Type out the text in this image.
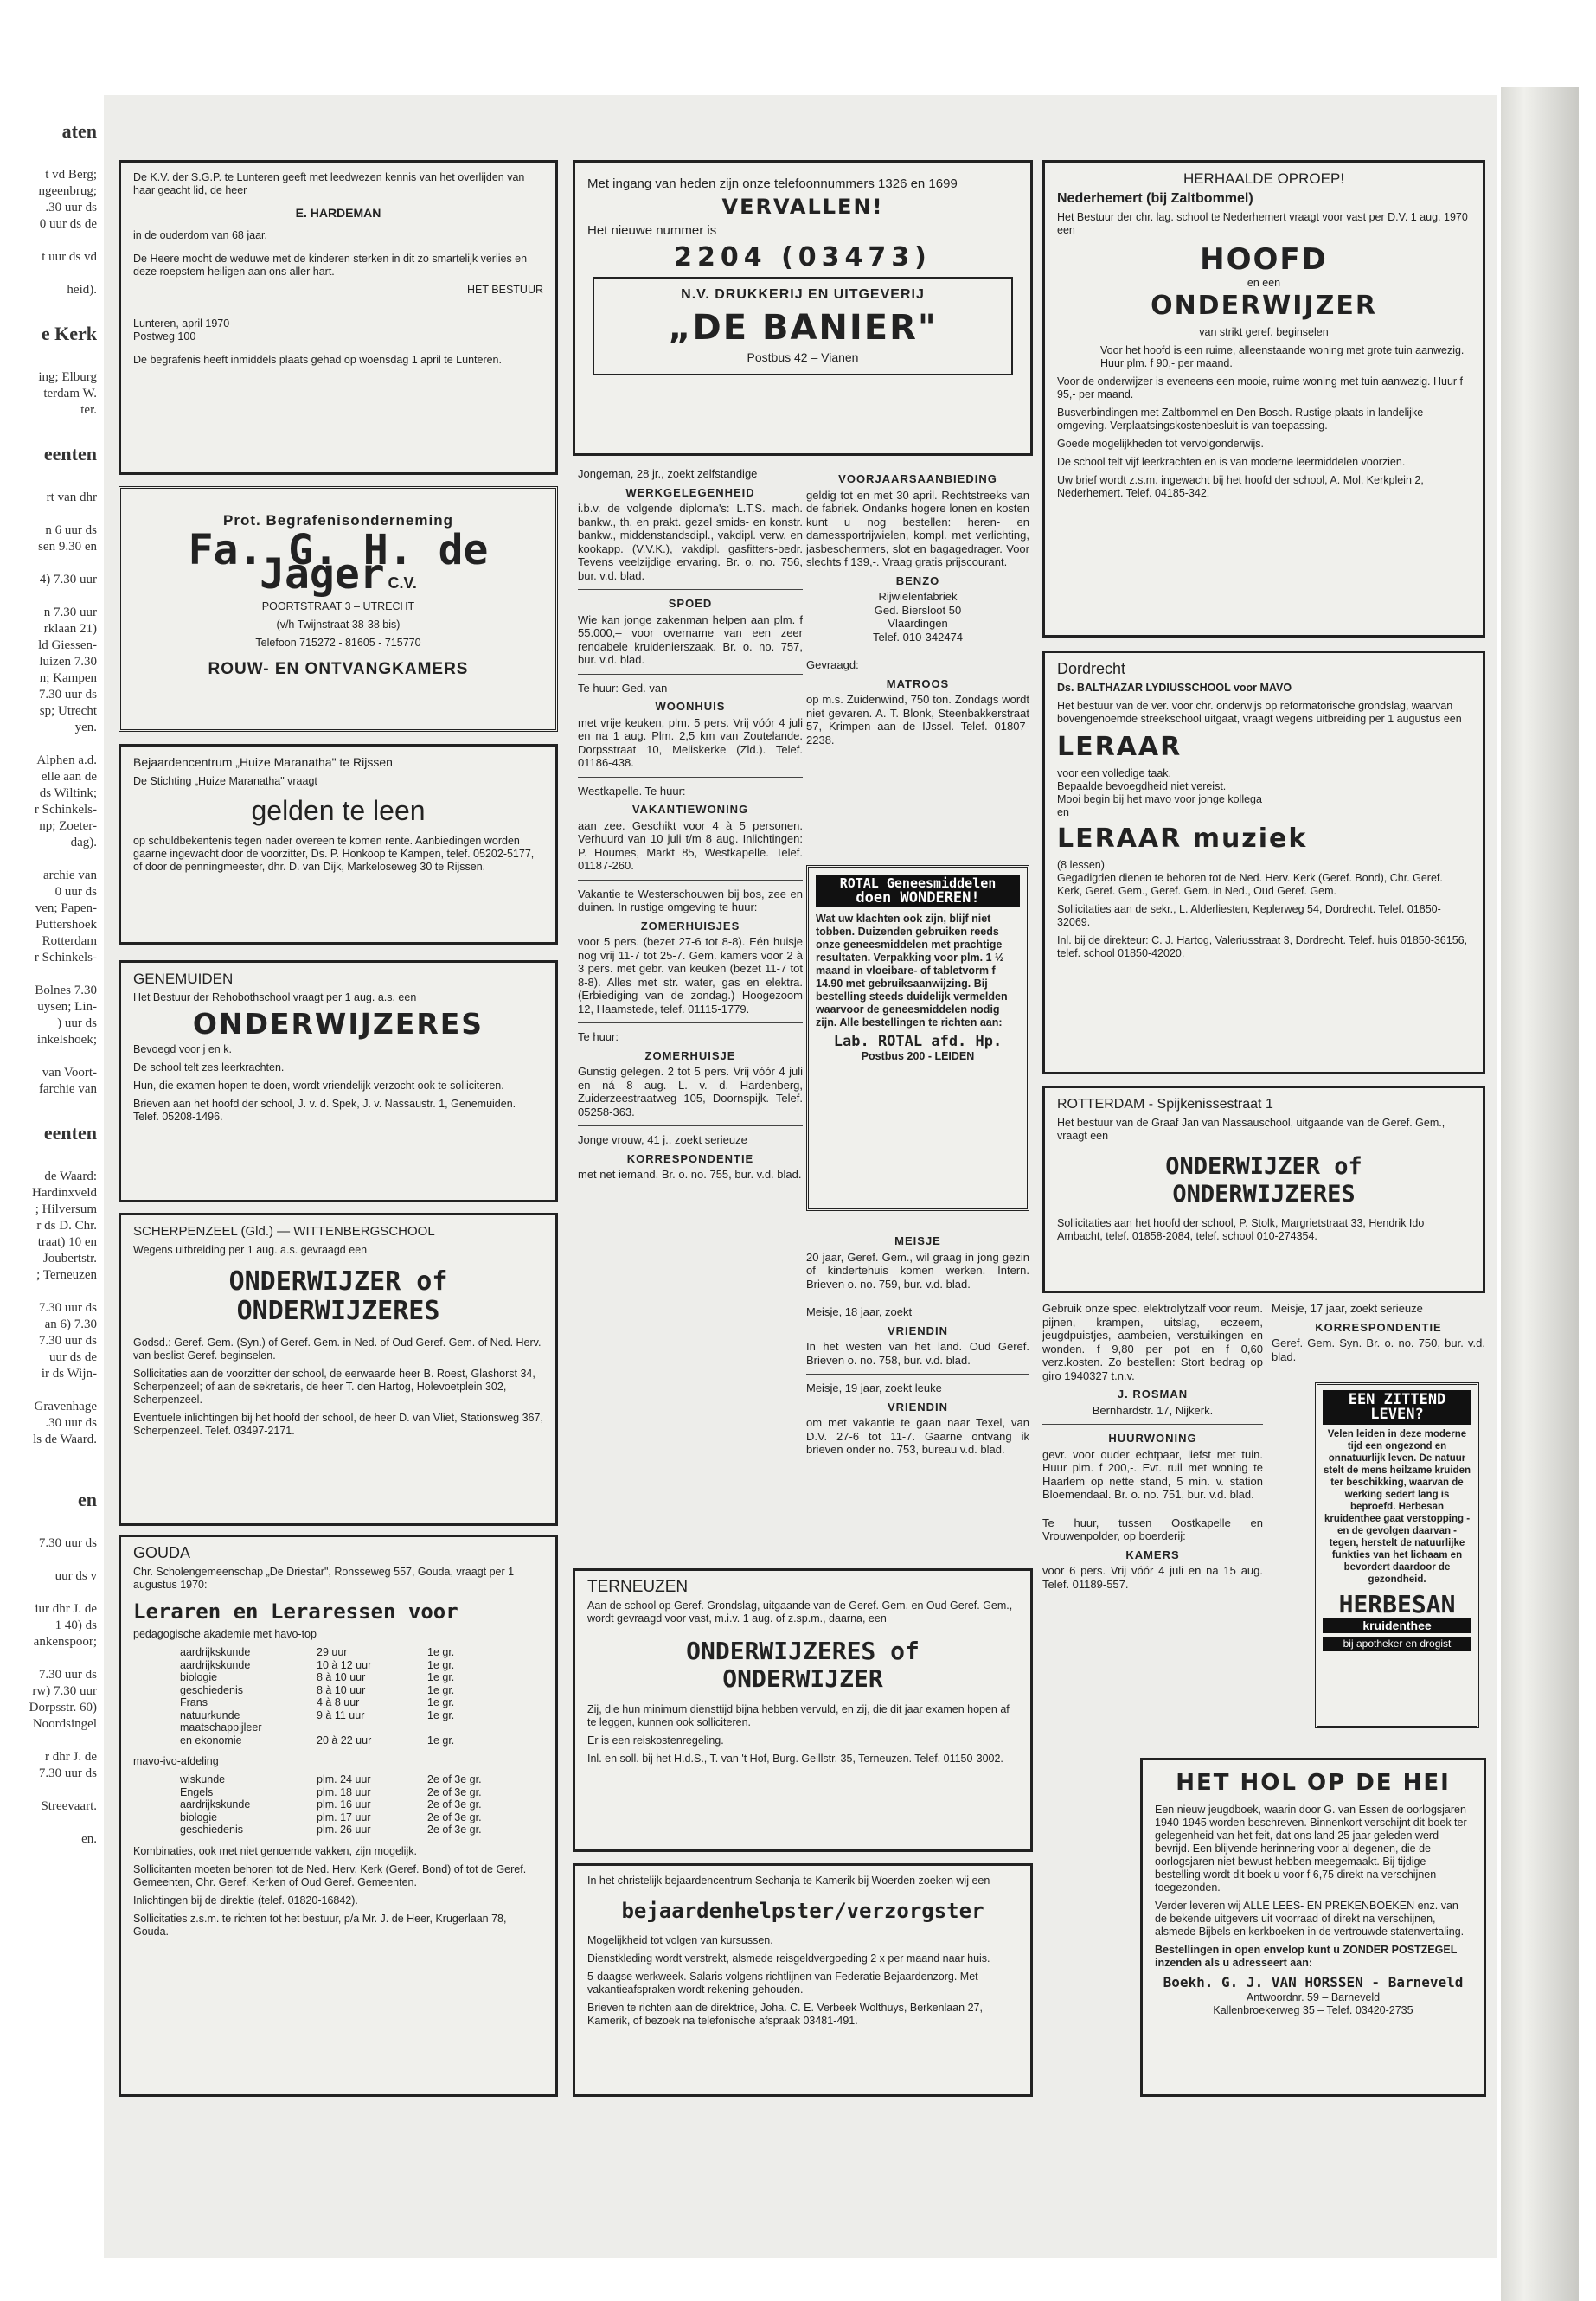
aten

t vd Berg;
ngeenbrug;
.30 uur ds
0 uur ds de

t uur ds vd

heid).

e Kerk

ing; Elburg
terdam W.
ter.

eenten

rt van dhr

n 6 uur ds
sen 9.30 en

4) 7.30 uur

n 7.30 uur
rklaan 21)
ld Giessen-
luizen 7.30
n; Kampen
7.30 uur ds
sp; Utrecht
yen.

Alphen a.d.
elle aan de
ds Wiltink;
r Schinkels-
np; Zoeter-
dag).

archie van
0 uur ds
ven; Papen-
Puttershoek
Rotterdam
r Schinkels-

Bolnes 7.30
uysen; Lin-
) uur ds
inkelshoek;

van Voort-
farchie van

eenten

de Waard:
Hardinxveld
; Hilversum
r ds D. Chr.
traat) 10 en
Joubertstr.
; Terneuzen

7.30 uur ds
an 6) 7.30
7.30 uur ds
uur ds de
ir ds Wijn-

Gravenhage
.30 uur ds
ls de Waard.

en

7.30 uur ds

uur ds v

iur dhr J. de
1 40) ds
ankenspoor;

7.30 uur ds
rw) 7.30 uur
Dorpsstr. 60)
Noordsingel

r dhr J. de
7.30 uur ds

Streevaart.

en.

De K.V. der S.G.P. te Lunteren geeft met leedwezen kennis van het overlijden van haar geacht lid, de heer

E. HARDEMAN

in de ouderdom van 68 jaar.

De Heere mocht de weduwe met de kinderen sterken in dit zo smartelijk verlies en deze roepstem heiligen aan ons aller hart.

HET BESTUUR

Lunteren, april 1970

Postweg 100

De begrafenis heeft inmiddels plaats gehad op woensdag 1 april te Lunteren.

Prot. Begrafenisonderneming

Fa. G. H. de Jager C.V.

POORTSTRAAT 3 – UTRECHT

(v/h Twijnstraat 38-38 bis)

Telefoon 715272 - 81605 - 715770

ROUW- EN ONTVANGKAMERS

Bejaardencentrum „Huize Maranatha" te Rijssen

De Stichting „Huize Maranatha" vraagt

gelden te leen

op schuldbekentenis tegen nader overeen te komen rente. Aanbiedingen worden gaarne ingewacht door de voorzitter, Ds. P. Honkoop te Kampen, telef. 05202-5177, of door de penningmeester, dhr. D. van Dijk, Markeloseweg 30 te Rijssen.

GENEMUIDEN

Het Bestuur der Rehobothschool vraagt per 1 aug. a.s. een

ONDERWIJZERES

Bevoegd voor j en k.

De school telt zes leerkrachten.

Hun, die examen hopen te doen, wordt vriendelijk verzocht ook te solliciteren.

Brieven aan het hoofd der school, J. v. d. Spek, J. v. Nassaustr. 1, Genemuiden. Telef. 05208-1496.

SCHERPENZEEL (Gld.) — WITTENBERGSCHOOL

Wegens uitbreiding per 1 aug. a.s. gevraagd een

ONDERWIJZER of

ONDERWIJZERES

Godsd.: Geref. Gem. (Syn.) of Geref. Gem. in Ned. of Oud Geref. Gem. of Ned. Herv. van beslist Geref. beginselen.

Sollicitaties aan de voorzitter der school, de eerwaarde heer B. Roest, Glashorst 34, Scherpenzeel; of aan de sekretaris, de heer T. den Hartog, Holevoetplein 302, Scherpenzeel.

Eventuele inlichtingen bij het hoofd der school, de heer D. van Vliet, Stationsweg 367, Scherpenzeel. Telef. 03497-2171.

GOUDA

Chr. Scholengemeenschap „De Driestar", Ronsseweg 557, Gouda, vraagt per 1 augustus 1970:

Leraren en Leraressen voor

pedagogische akademie met havo-top

aardrijkskunde	29 uur	1e gr.
aardrijkskunde	10 à 12 uur	1e gr.
biologie	8 à 10 uur	1e gr.
geschiedenis	8 à 10 uur	1e gr.
Frans	4 à 8 uur	1e gr.
natuurkunde	9 à 11 uur	1e gr.
maatschappijleer		
en ekonomie	20 à 22 uur	1e gr.

mavo-ivo-afdeling

wiskunde	plm. 24 uur	2e of 3e gr.
Engels	plm. 18 uur	2e of 3e gr.
aardrijkskunde	plm. 16 uur	2e of 3e gr.
biologie	plm. 17 uur	2e of 3e gr.
geschiedenis	plm. 26 uur	2e of 3e gr.

Kombinaties, ook met niet genoemde vakken, zijn mogelijk.

Sollicitanten moeten behoren tot de Ned. Herv. Kerk (Geref. Bond) of tot de Geref. Gemeenten, Chr. Geref. Kerken of Oud Geref. Gemeenten.

Inlichtingen bij de direktie (telef. 01820-16842).

Sollicitaties z.s.m. te richten tot het bestuur, p/a Mr. J. de Heer, Krugerlaan 78, Gouda.

Met ingang van heden zijn onze telefoonnummers 1326 en 1699

VERVALLEN!

Het nieuwe nummer is

2204 (03473)

N.V. DRUKKERIJ EN UITGEVERIJ

„DE BANIER"

Postbus 42 – Vianen

Jongeman, 28 jr., zoekt zelfstandige

WERKGELEGENHEID

i.b.v. de volgende diploma's: L.T.S. mach. bankw., th. en prakt. gezel smids- en konstr. bankw., middenstandsdipl., vakdipl. verw. en kookapp. (V.V.K.), vakdipl. gasfitters-bedr. Tevens veelzijdige ervaring. Br. o. no. 756, bur. v.d. blad.

SPOED

Wie kan jonge zakenman helpen aan plm. f 55.000,– voor overname van een zeer rendabele kruidenierszaak. Br. o. no. 757, bur. v.d. blad.

Te huur: Ged. van

WOONHUIS

met vrije keuken, plm. 5 pers. Vrij vóór 4 juli en na 1 aug. Plm. 2,5 km van Zoutelande. Dorpsstraat 10, Meliskerke (Zld.). Telef. 01186-438.

Westkapelle. Te huur:

VAKANTIEWONING

aan zee. Geschikt voor 4 à 5 personen. Verhuurd van 10 juli t/m 8 aug. Inlichtingen: P. Houmes, Markt 85, Westkapelle. Telef. 01187-260.

Vakantie te Westerschouwen bij bos, zee en duinen. In rustige omgeving te huur:

ZOMERHUISJES

voor 5 pers. (bezet 27-6 tot 8-8). Eén huisje nog vrij 11-7 tot 25-7. Gem. kamers voor 2 à 3 pers. met gebr. van keuken (bezet 11-7 tot 8-8). Alles met str. water, gas en elektra. (Erbiediging van de zondag.) Hoogezoom 12, Haamstede, telef. 01115-1779.

Te huur:

ZOMERHUISJE

Gunstig gelegen. 2 tot 5 pers. Vrij vóór 4 juli en ná 8 aug. L. v. d. Hardenberg, Zuiderzeestraatweg 105, Doornspijk. Telef. 05258-363.

Jonge vrouw, 41 j., zoekt serieuze

KORRESPONDENTIE

met net iemand. Br. o. no. 755, bur. v.d. blad.

VOORJAARSAANBIEDING

geldig tot en met 30 april. Rechtstreeks van de fabriek. Ondanks hogere lonen en kosten kunt u nog bestellen: heren- en damessportrijwielen, kompl. met verlichting, jasbeschermers, slot en bagagedrager. Voor slechts f 139,-. Vraag gratis prijscourant.

BENZO
Rijwielenfabriek
Ged. Biersloot 50
Vlaardingen
Telef. 010-342474

Gevraagd:

MATROOS

op m.s. Zuidenwind, 750 ton. Zondags wordt niet gevaren. A. T. Blonk, Steenbakkerstraat 57, Krimpen aan de IJssel. Telef. 01807-2238.

ROTAL Geneesmiddelen

doen WONDEREN!

Wat uw klachten ook zijn, blijf niet tobben. Duizenden gebruiken reeds onze geneesmiddelen met prachtige resultaten. Verpakking voor plm. 1 ½ maand in vloeibare- of tabletvorm f 14.90 met gebruiksaanwijzing. Bij bestelling steeds duidelijk vermelden waarvoor de geneesmiddelen nodig zijn. Alle bestellingen te richten aan:

Lab. ROTAL afd. Hp.

Postbus 200 - LEIDEN

MEISJE

20 jaar, Geref. Gem., wil graag in jong gezin of kindertehuis komen werken. Intern. Brieven o. no. 759, bur. v.d. blad.

Meisje, 18 jaar, zoekt

VRIENDIN

In het westen van het land. Oud Geref. Brieven o. no. 758, bur. v.d. blad.

Meisje, 19 jaar, zoekt leuke

VRIENDIN

om met vakantie te gaan naar Texel, van D.V. 27-6 tot 11-7. Gaarne ontvang ik brieven onder no. 753, bureau v.d. blad.

TERNEUZEN

Aan de school op Geref. Grondslag, uitgaande van de Geref. Gem. en Oud Geref. Gem., wordt gevraagd voor vast, m.i.v. 1 aug. of z.sp.m., daarna, een

ONDERWIJZERES of

ONDERWIJZER

Zij, die hun minimum diensttijd bijna hebben vervuld, en zij, die dit jaar examen hopen af te leggen, kunnen ook solliciteren.

Er is een reiskostenregeling.

Inl. en soll. bij het H.d.S., T. van 't Hof, Burg. Geillstr. 35, Terneuzen. Telef. 01150-3002.

In het christelijk bejaardencentrum Sechanja te Kamerik bij Woerden zoeken wij een

bejaardenhelpster/verzorgster

Mogelijkheid tot volgen van kursussen.

Dienstkleding wordt verstrekt, alsmede reisgeldvergoeding 2 x per maand naar huis.

5-daagse werkweek. Salaris volgens richtlijnen van Federatie Bejaardenzorg. Met vakantieafspraken wordt rekening gehouden.

Brieven te richten aan de direktrice, Joha. C. E. Verbeek Wolthuys, Berkenlaan 27, Kamerik, of bezoek na telefonische afspraak 03481-491.

HERHAALDE OPROEP!

Nederhemert (bij Zaltbommel)

Het Bestuur der chr. lag. school te Nederhemert vraagt voor vast per D.V. 1 aug. 1970 een

HOOFD

en een

ONDERWIJZER

van strikt geref. beginselen

Voor het hoofd is een ruime, alleenstaande woning met grote tuin aanwezig. Huur plm. f 90,- per maand.

Voor de onderwijzer is eveneens een mooie, ruime woning met tuin aanwezig. Huur f 95,- per maand.

Busverbindingen met Zaltbommel en Den Bosch. Rustige plaats in landelijke omgeving. Verplaatsingskostenbesluit is van toepassing.

Goede mogelijkheden tot vervolgonderwijs.

De school telt vijf leerkrachten en is van moderne leermiddelen voorzien.

Uw brief wordt z.s.m. ingewacht bij het hoofd der school, A. Mol, Kerkplein 2, Nederhemert. Telef. 04185-342.

Dordrecht

Ds. BALTHAZAR LYDIUSSCHOOL voor MAVO

Het bestuur van de ver. voor chr. onderwijs op reformatorische grondslag, waarvan bovengenoemde streekschool uitgaat, vraagt wegens uitbreiding per 1 augustus een

LERAAR

voor een volledige taak.

Bepaalde bevoegdheid niet vereist.

Mooi begin bij het mavo voor jonge kollega

en

LERAAR muziek

(8 lessen)

Gegadigden dienen te behoren tot de Ned. Herv. Kerk (Geref. Bond), Chr. Geref. Kerk, Geref. Gem., Geref. Gem. in Ned., Oud Geref. Gem.

Sollicitaties aan de sekr., L. Alderliesten, Keplerweg 54, Dordrecht. Telef. 01850-32069.

Inl. bij de direkteur: C. J. Hartog, Valeriusstraat 3, Dordrecht. Telef. huis 01850-36156, telef. school 01850-42020.

ROTTERDAM - Spijkenissestraat 1

Het bestuur van de Graaf Jan van Nassauschool, uitgaande van de Geref. Gem., vraagt een

ONDERWIJZER of

ONDERWIJZERES

Sollicitaties aan het hoofd der school, P. Stolk, Margrietstraat 33, Hendrik Ido Ambacht, telef. 01858-2084, telef. school 010-274354.

Gebruik onze spec. elektrolytzalf voor reum. pijnen, krampen, uitslag, eczeem, jeugdpuistjes, aambeien, verstuikingen en wonden. f 9,80 per pot en f 0,60 verz.kosten. Zo bestellen: Stort bedrag op giro 1940327 t.n.v.

J. ROSMAN
Bernhardstr. 17, Nijkerk.
HUURWONING

gevr. voor ouder echtpaar, liefst met tuin. Huur plm. f 200,-. Evt. ruil met woning te Haarlem op nette stand, 5 min. v. station Bloemendaal. Br. o. no. 751, bur. v.d. blad.

Te huur, tussen Oostkapelle en Vrouwenpolder, op boerderij:

KAMERS

voor 6 pers. Vrij vóór 4 juli en na 15 aug. Telef. 01189-557.

Meisje, 17 jaar, zoekt serieuze

KORRESPONDENTIE

Geref. Gem. Syn. Br. o. no. 750, bur. v.d. blad.

EEN ZITTEND LEVEN?

Velen leiden in deze moderne tijd een ongezond en onnatuurlijk leven. De natuur stelt de mens heilzame kruiden ter beschikking, waarvan de werking sedert lang is beproefd. Herbesan kruidenthee gaat verstopping - en de gevolgen daarvan - tegen, herstelt de natuurlijke funkties van het lichaam en bevordert daardoor de gezondheid.

HERBESAN

kruidenthee

bij apotheker en drogist

HET HOL OP DE HEI

Een nieuw jeugdboek, waarin door G. van Essen de oorlogsjaren 1940-1945 worden beschreven. Binnenkort verschijnt dit boek ter gelegenheid van het feit, dat ons land 25 jaar geleden werd bevrijd. Een blijvende herinnering voor al degenen, die de oorlogsjaren niet bewust hebben meegemaakt. Bij tijdige bestelling wordt dit boek u voor f 6,75 direkt na verschijnen toegezonden.

Verder leveren wij ALLE LEES- EN PREKENBOEKEN enz. van de bekende uitgevers uit voorraad of direkt na verschijnen, alsmede Bijbels en kerkboeken in de vertrouwde statenvertaling.

Bestellingen in open envelop kunt u ZONDER POSTZEGEL inzenden als u adresseert aan:

Boekh. G. J. VAN HORSSEN - Barneveld

Antwoordnr. 59 – Barneveld

Kallenbroekerweg 35 – Telef. 03420-2735
